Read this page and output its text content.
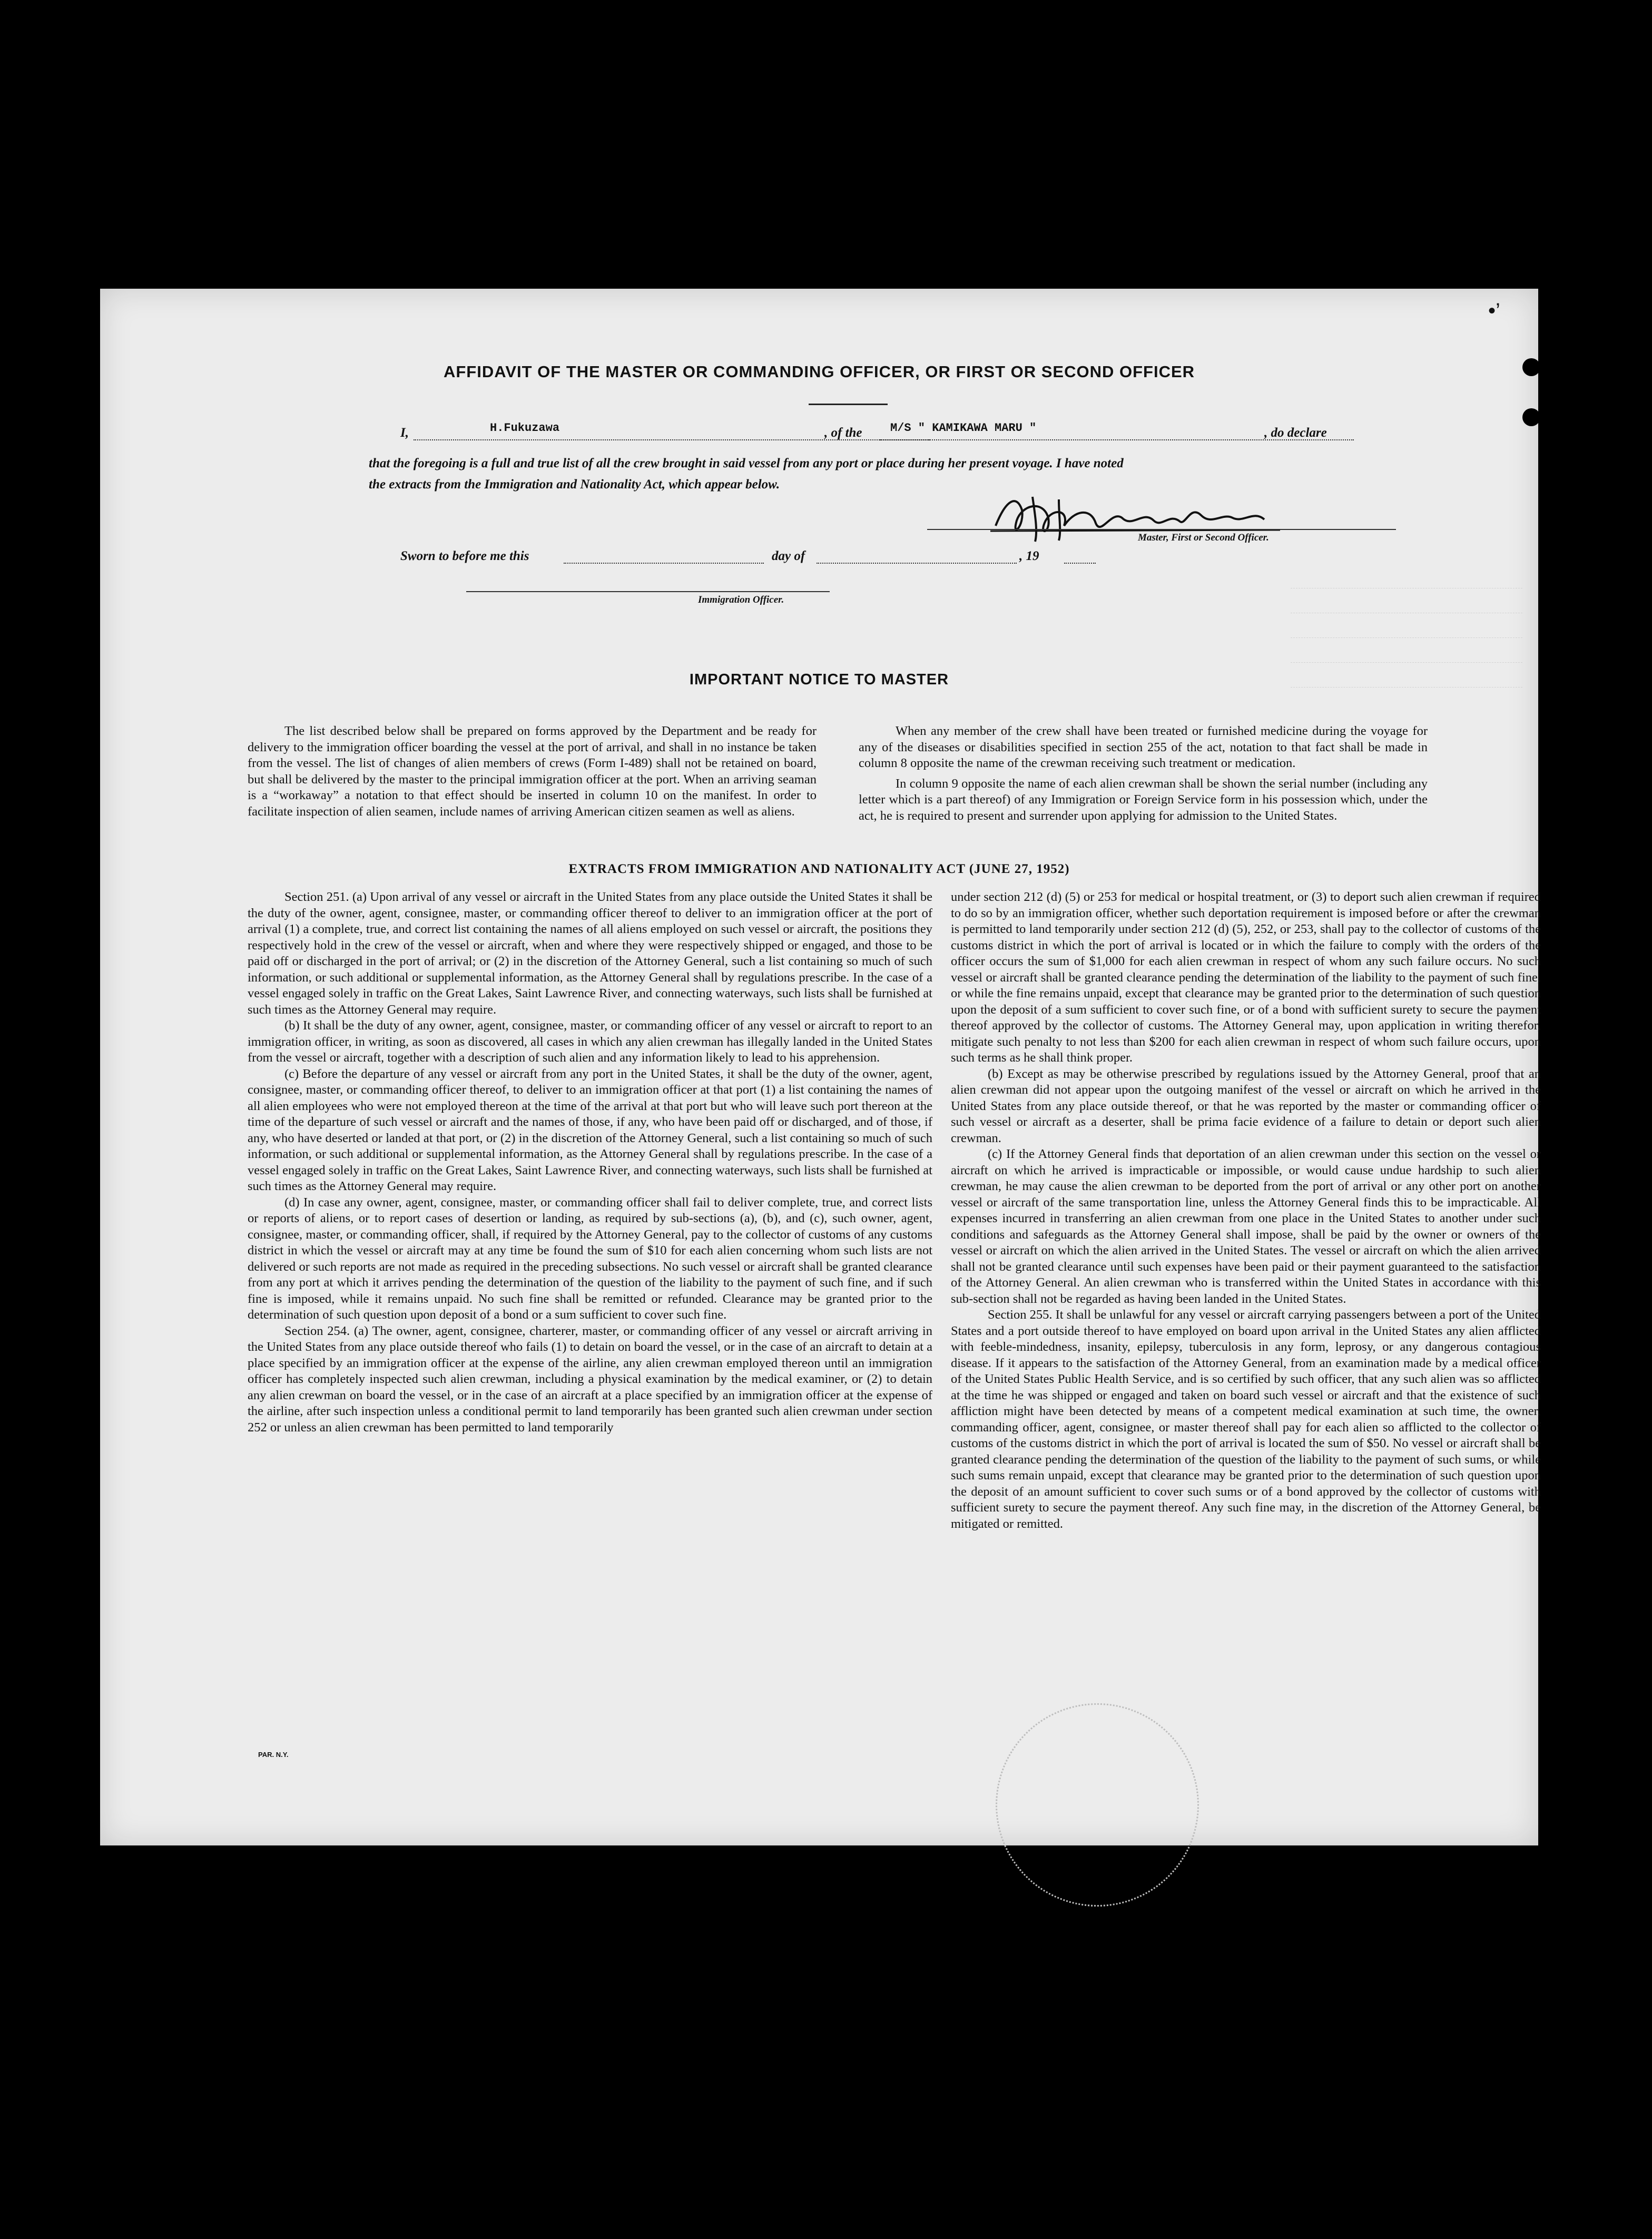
•’
AFFIDAVIT OF THE MASTER OR COMMANDING OFFICER, OR FIRST OR SECOND OFFICER
I,	H.Fukuzawa	, of the M/S " KAMIKAWA MARU "	, do declare
that the foregoing is a full and true list of all the crew brought in said vessel from any port or place during her present voyage. I have noted
the extracts from the Immigration and Nationality Act, which appear below.
Master, First or Second Officer.
Sworn to before me this	day of	, 19
Immigration Officer.
IMPORTANT NOTICE TO MASTER

The list described below shall be prepared on forms approved by the Department and be ready for delivery to the immigration officer boarding the vessel at the port of arrival, and shall in no instance be taken from the vessel. The list of changes of alien members of crews (Form I-489) shall not be retained on board, but shall be delivered by the master to the principal immigration officer at the port. When an arriving seaman is a “workaway” a notation to that effect should be inserted in column 10 on the manifest. In order to facilitate inspection of alien seamen, include names of arriving American citizen seamen as well as aliens.

When any member of the crew shall have been treated or furnished medicine during the voyage for any of the diseases or disabilities specified in section 255 of the act, notation to that fact shall be made in column 8 opposite the name of the crewman receiving such treatment or medication.

In column 9 opposite the name of each alien crewman shall be shown the serial number (including any letter which is a part thereof) of any Immigration or Foreign Service form in his possession which, under the act, he is required to present and surrender upon applying for admission to the United States.

EXTRACTS FROM IMMIGRATION AND NATIONALITY ACT (JUNE 27, 1952)

Section 251. (a) Upon arrival of any vessel or aircraft in the United States from any place outside the United States it shall be the duty of the owner, agent, consignee, master, or commanding officer thereof to deliver to an immigration officer at the port of arrival (1) a complete, true, and correct list containing the names of all aliens employed on such vessel or aircraft, the positions they respectively hold in the crew of the vessel or aircraft, when and where they were respectively shipped or engaged, and those to be paid off or discharged in the port of arrival; or (2) in the discretion of the Attorney General, such a list containing so much of such information, or such additional or supplemental information, as the Attorney General shall by regulations prescribe. In the case of a vessel engaged solely in traffic on the Great Lakes, Saint Lawrence River, and connecting waterways, such lists shall be furnished at such times as the Attorney General may require.

(b) It shall be the duty of any owner, agent, consignee, master, or commanding officer of any vessel or aircraft to report to an immigration officer, in writing, as soon as discovered, all cases in which any alien crewman has illegally landed in the United States from the vessel or aircraft, together with a description of such alien and any information likely to lead to his apprehension.

(c) Before the departure of any vessel or aircraft from any port in the United States, it shall be the duty of the owner, agent, consignee, master, or commanding officer thereof, to deliver to an immigration officer at that port (1) a list containing the names of all alien employees who were not employed thereon at the time of the arrival at that port but who will leave such port thereon at the time of the departure of such vessel or aircraft and the names of those, if any, who have been paid off or discharged, and of those, if any, who have deserted or landed at that port, or (2) in the discretion of the Attorney General, such a list containing so much of such information, or such additional or supplemental information, as the Attorney General shall by regulations prescribe. In the case of a vessel engaged solely in traffic on the Great Lakes, Saint Lawrence River, and connecting waterways, such lists shall be furnished at such times as the Attorney General may require.

(d) In case any owner, agent, consignee, master, or commanding officer shall fail to deliver complete, true, and correct lists or reports of aliens, or to report cases of desertion or landing, as required by sub-sections (a), (b), and (c), such owner, agent, consignee, master, or commanding officer, shall, if required by the Attorney General, pay to the collector of customs of any customs district in which the vessel or aircraft may at any time be found the sum of $10 for each alien concerning whom such lists are not delivered or such reports are not made as required in the preceding subsections. No such vessel or aircraft shall be granted clearance from any port at which it arrives pending the determination of the question of the liability to the payment of such fine, and if such fine is imposed, while it remains unpaid. No such fine shall be remitted or refunded. Clearance may be granted prior to the determination of such question upon deposit of a bond or a sum sufficient to cover such fine.

Section 254. (a) The owner, agent, consignee, charterer, master, or commanding officer of any vessel or aircraft arriving in the United States from any place outside thereof who fails (1) to detain on board the vessel, or in the case of an aircraft to detain at a place specified by an immigration officer at the expense of the airline, any alien crewman employed thereon until an immigration officer has completely inspected such alien crewman, including a physical examination by the medical examiner, or (2) to detain any alien crewman on board the vessel, or in the case of an aircraft at a place specified by an immigration officer at the expense of the airline, after such inspection unless a conditional permit to land temporarily has been granted such alien crewman under section 252 or unless an alien crewman has been permitted to land temporarily

under section 212 (d) (5) or 253 for medical or hospital treatment, or (3) to deport such alien crewman if required to do so by an immigration officer, whether such deportation requirement is imposed before or after the crewman is permitted to land temporarily under section 212 (d) (5), 252, or 253, shall pay to the collector of customs of the customs district in which the port of arrival is located or in which the failure to comply with the orders of the officer occurs the sum of $1,000 for each alien crewman in respect of whom any such failure occurs. No such vessel or aircraft shall be granted clearance pending the determination of the liability to the payment of such fine, or while the fine remains unpaid, except that clearance may be granted prior to the determination of such question upon the deposit of a sum sufficient to cover such fine, or of a bond with sufficient surety to secure the payment thereof approved by the collector of customs. The Attorney General may, upon application in writing therefor, mitigate such penalty to not less than $200 for each alien crewman in respect of whom such failure occurs, upon such terms as he shall think proper.

(b) Except as may be otherwise prescribed by regulations issued by the Attorney General, proof that an alien crewman did not appear upon the outgoing manifest of the vessel or aircraft on which he arrived in the United States from any place outside thereof, or that he was reported by the master or commanding officer of such vessel or aircraft as a deserter, shall be prima facie evidence of a failure to detain or deport such alien crewman.

(c) If the Attorney General finds that deportation of an alien crewman under this section on the vessel or aircraft on which he arrived is impracticable or impossible, or would cause undue hardship to such alien crewman, he may cause the alien crewman to be deported from the port of arrival or any other port on another vessel or aircraft of the same transportation line, unless the Attorney General finds this to be impracticable. All expenses incurred in transferring an alien crewman from one place in the United States to another under such conditions and safeguards as the Attorney General shall impose, shall be paid by the owner or owners of the vessel or aircraft on which the alien arrived in the United States. The vessel or aircraft on which the alien arrived shall not be granted clearance until such expenses have been paid or their payment guaranteed to the satisfaction of the Attorney General. An alien crewman who is transferred within the United States in accordance with this sub-section shall not be regarded as having been landed in the United States.

Section 255. It shall be unlawful for any vessel or aircraft carrying passengers between a port of the United States and a port outside thereof to have employed on board upon arrival in the United States any alien afflicted with feeble-mindedness, insanity, epilepsy, tuberculosis in any form, leprosy, or any dangerous contagious disease. If it appears to the satisfaction of the Attorney General, from an examination made by a medical officer of the United States Public Health Service, and is so certified by such officer, that any such alien was so afflicted at the time he was shipped or engaged and taken on board such vessel or aircraft and that the existence of such affliction might have been detected by means of a competent medical examination at such time, the owner, commanding officer, agent, consignee, or master thereof shall pay for each alien so afflicted to the collector of customs of the customs district in which the port of arrival is located the sum of $50. No vessel or aircraft shall be granted clearance pending the determination of the question of the liability to the payment of such sums, or while such sums remain unpaid, except that clearance may be granted prior to the determination of such question upon the deposit of an amount sufficient to cover such sums or of a bond approved by the collector of customs with sufficient surety to secure the payment thereof. Any such fine may, in the discretion of the Attorney General, be mitigated or remitted.

PAR. N.Y.
